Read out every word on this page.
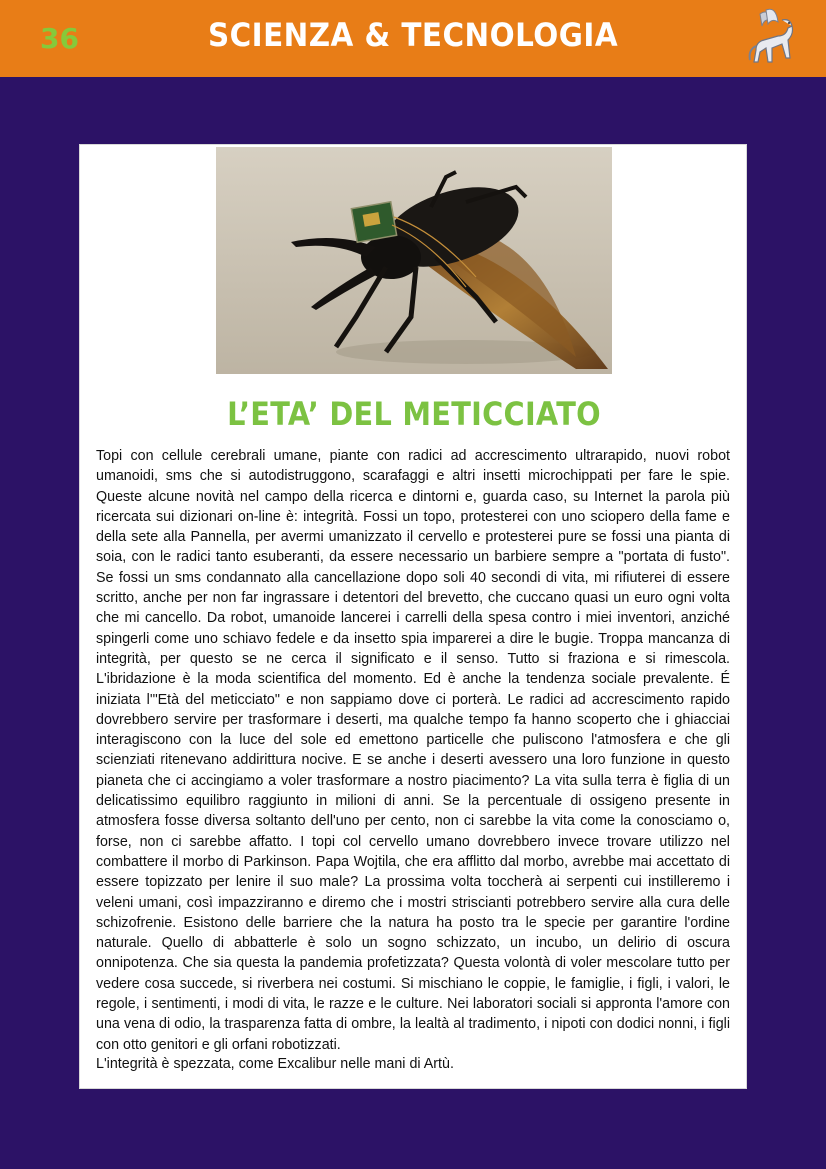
36	SCIENZA & TECNOLOGIA
L’ETA’ DEL METICCIATO

Topi con cellule cerebrali umane, piante con radici ad accrescimento ultrarapido, nuovi robot umanoidi, sms che si autodistruggono, scarafaggi e altri insetti microchippati per fare le spie. Queste alcune novità nel campo della ricerca e dintorni e, guarda caso, su Internet la parola più ricercata sui dizionari on-line è: integrità. Fossi un topo, protesterei con uno sciopero della fame e della sete alla Pannella, per avermi umanizzato il cervello e protesterei pure se fossi una pianta di soia, con le radici tanto esuberanti, da essere necessario un barbiere sempre a "portata di fusto". Se fossi un sms condannato alla cancellazione dopo soli 40 secondi di vita, mi rifiuterei di essere scritto, anche per non far ingrassare i detentori del brevetto, che cuccano quasi un euro ogni volta che mi cancello. Da robot, umanoide lancerei i carrelli della spesa contro i miei inventori, anziché spingerli come uno schiavo fedele e da insetto spia imparerei a dire le bugie. Troppa mancanza di integrità, per questo se ne cerca il significato e il senso. Tutto si fraziona e si rimescola. L'ibridazione è la moda scientifica del momento. Ed è anche la tendenza sociale prevalente. É iniziata l'"Età del meticciato" e non sappiamo dove ci porterà. Le radici ad accrescimento rapido dovrebbero servire per trasformare i deserti, ma qualche tempo fa hanno scoperto che i ghiacciai interagiscono con la luce del sole ed emettono particelle che puliscono l'atmosfera e che gli scienziati ritenevano addirittura nocive. E se anche i deserti avessero una loro funzione in questo pianeta che ci accingiamo a voler trasformare a nostro piacimento? La vita sulla terra è figlia di un delicatissimo equilibro raggiunto in milioni di anni. Se la percentuale di ossigeno presente in atmosfera fosse diversa soltanto dell'uno per cento, non ci sarebbe la vita come la conosciamo o, forse, non ci sarebbe affatto. I topi col cervello umano dovrebbero invece trovare utilizzo nel combattere il morbo di Parkinson. Papa Wojtila, che era afflitto dal morbo, avrebbe mai accettato di essere topizzato per lenire il suo male? La prossima volta toccherà ai serpenti cui instilleremo i veleni umani, così impazziranno e diremo che i mostri striscianti potrebbero servire alla cura delle schizofrenie. Esistono delle barriere che la natura ha posto tra le specie per garantire l'ordine naturale. Quello di abbatterle è solo un sogno schizzato, un incubo, un delirio di oscura onnipotenza. Che sia questa la pandemia profetizzata? Questa volontà di voler mescolare tutto per vedere cosa succede, si riverbera nei costumi. Si mischiano le coppie, le famiglie, i figli, i valori, le regole, i sentimenti, i modi di vita, le razze e le culture. Nei laboratori sociali si appronta l'amore con una vena di odio, la trasparenza fatta di ombre, la lealtà al tradimento, i nipoti con dodici nonni, i figli con otto genitori e gli orfani robotizzati.

L'integrità è spezzata, come Excalibur nelle mani di Artù.
